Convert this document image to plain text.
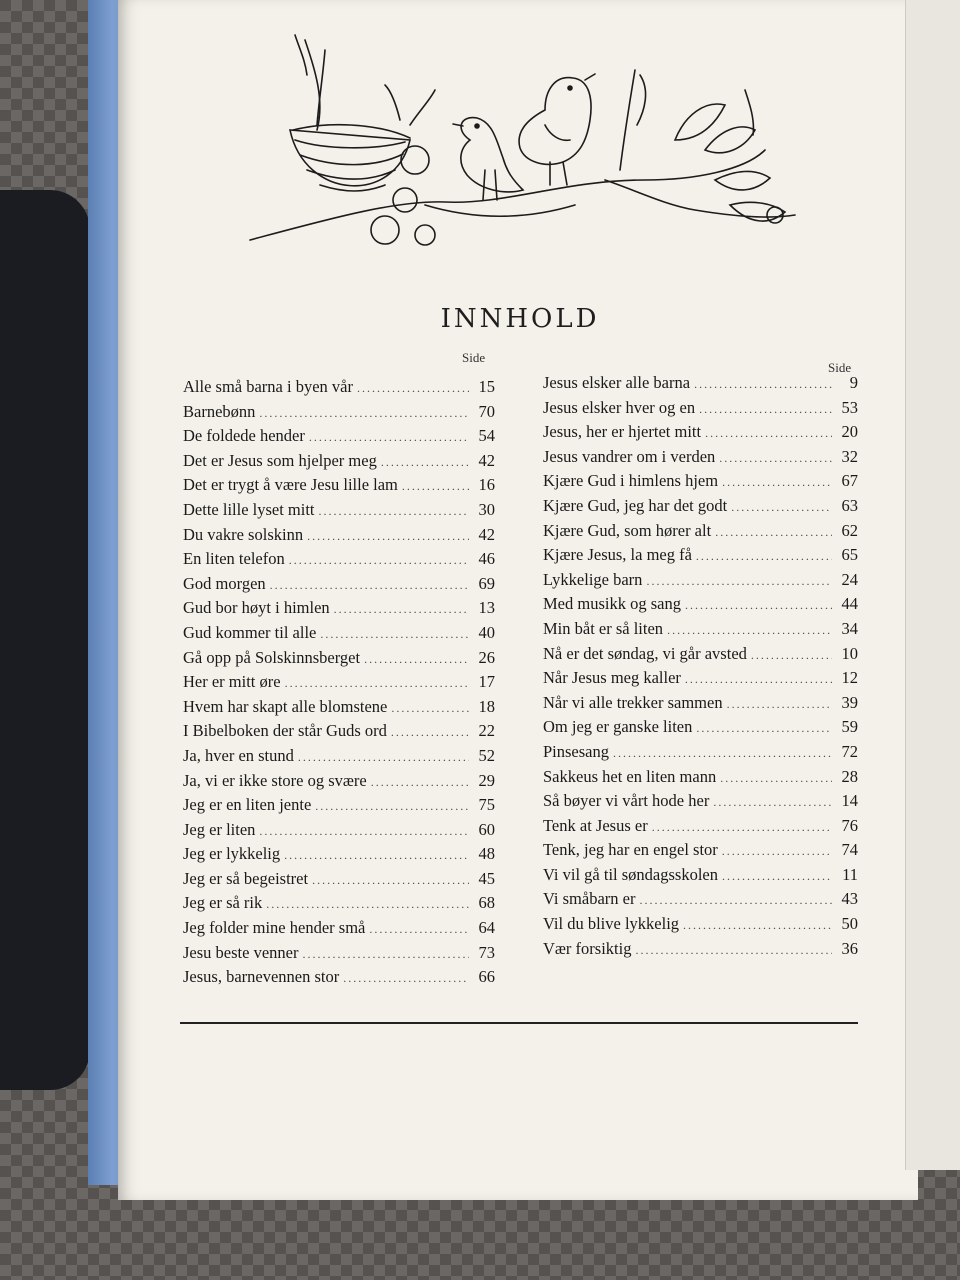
INNHOLD
Side
Side
Alle små barna i byen vår .....	15
Barnebønn .....	70
De foldede hender .....	54
Det er Jesus som hjelper meg .....	42
Det er trygt å være Jesu lille lam .....	16
Dette lille lyset mitt .....	30
Du vakre solskinn .....	42
En liten telefon .....	46
God morgen .....	69
Gud bor høyt i himlen .....	13
Gud kommer til alle .....	40
Gå opp på Solskinnsberget .....	26
Her er mitt øre .....	17
Hvem har skapt alle blomstene .....	18
I Bibelboken der står Guds ord .....	22
Ja, hver en stund .....	52
Ja, vi er ikke store og svære .....	29
Jeg er en liten jente .....	75
Jeg er liten .....	60
Jeg er lykkelig .....	48
Jeg er så begeistret .....	45
Jeg er så rik .....	68
Jeg folder mine hender små .....	64
Jesu beste venner .....	73
Jesus, barnevennen stor .....	66
Jesus elsker alle barna .....	9
Jesus elsker hver og en .....	53
Jesus, her er hjertet mitt .....	20
Jesus vandrer om i verden .....	32
Kjære Gud i himlens hjem .....	67
Kjære Gud, jeg har det godt .....	63
Kjære Gud, som hører alt .....	62
Kjære Jesus, la meg få .....	65
Lykkelige barn .....	24
Med musikk og sang .....	44
Min båt er så liten .....	34
Nå er det søndag, vi går avsted .....	10
Når Jesus meg kaller .....	12
Når vi alle trekker sammen .....	39
Om jeg er ganske liten .....	59
Pinsesang .....	72
Sakkeus het en liten mann .....	28
Så bøyer vi vårt hode her .....	14
Tenk at Jesus er .....	76
Tenk, jeg har en engel stor .....	74
Vi vil gå til søndagsskolen .....	11
Vi småbarn er .....	43
Vil du blive lykkelig .....	50
Vær forsiktig .....	36
